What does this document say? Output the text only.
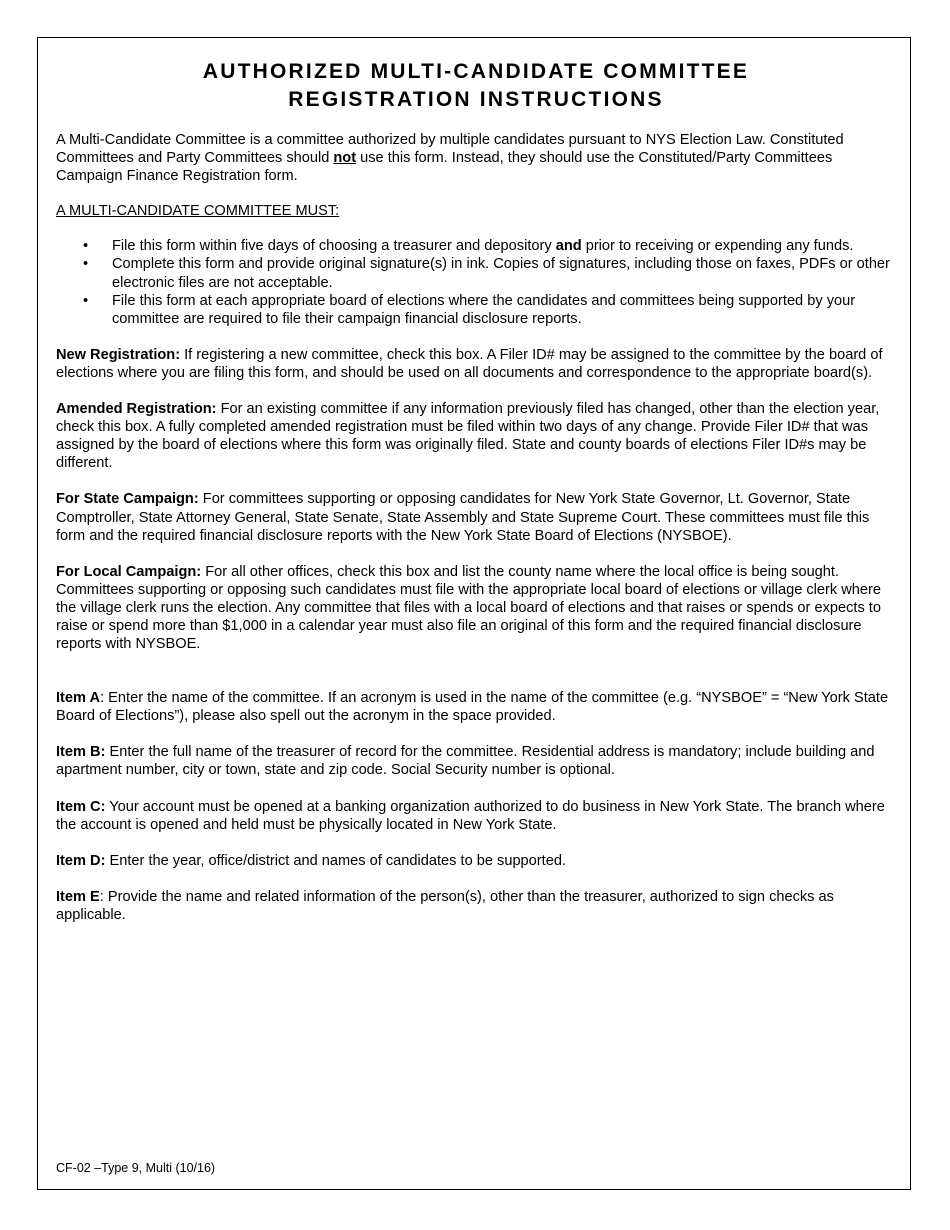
AUTHORIZED MULTI-CANDIDATE COMMITTEE
REGISTRATION INSTRUCTIONS

A Multi-Candidate Committee is a committee authorized by multiple candidates pursuant to NYS Election Law. Constituted Committees and Party Committees should not use this form. Instead, they should use the Constituted/Party Committees Campaign Finance Registration form.

A MULTI-CANDIDATE COMMITTEE MUST:

• File this form within five days of choosing a treasurer and depository and prior to receiving or expending any funds.
• Complete this form and provide original signature(s) in ink. Copies of signatures, including those on faxes, PDFs or other electronic files are not acceptable.
• File this form at each appropriate board of elections where the candidates and committees being supported by your committee are required to file their campaign financial disclosure reports.

New Registration: If registering a new committee, check this box. A Filer ID# may be assigned to the committee by the board of elections where you are filing this form, and should be used on all documents and correspondence to the appropriate board(s).

Amended Registration: For an existing committee if any information previously filed has changed, other than the election year, check this box. A fully completed amended registration must be filed within two days of any change. Provide Filer ID# that was assigned by the board of elections where this form was originally filed. State and county boards of elections Filer ID#s may be different.

For State Campaign: For committees supporting or opposing candidates for New York State Governor, Lt. Governor, State Comptroller, State Attorney General, State Senate, State Assembly and State Supreme Court. These committees must file this form and the required financial disclosure reports with the New York State Board of Elections (NYSBOE).

For Local Campaign: For all other offices, check this box and list the county name where the local office is being sought. Committees supporting or opposing such candidates must file with the appropriate local board of elections or village clerk where the village clerk runs the election. Any committee that files with a local board of elections and that raises or spends or expects to raise or spend more than $1,000 in a calendar year must also file an original of this form and the required financial disclosure reports with NYSBOE.

Item A: Enter the name of the committee. If an acronym is used in the name of the committee (e.g. “NYSBOE” = “New York State Board of Elections”), please also spell out the acronym in the space provided.

Item B: Enter the full name of the treasurer of record for the committee. Residential address is mandatory; include building and apartment number, city or town, state and zip code. Social Security number is optional.

Item C: Your account must be opened at a banking organization authorized to do business in New York State. The branch where the account is opened and held must be physically located in New York State.

Item D: Enter the year, office/district and names of candidates to be supported.

Item E: Provide the name and related information of the person(s), other than the treasurer, authorized to sign checks as applicable.

CF-02 –Type 9, Multi (10/16)
